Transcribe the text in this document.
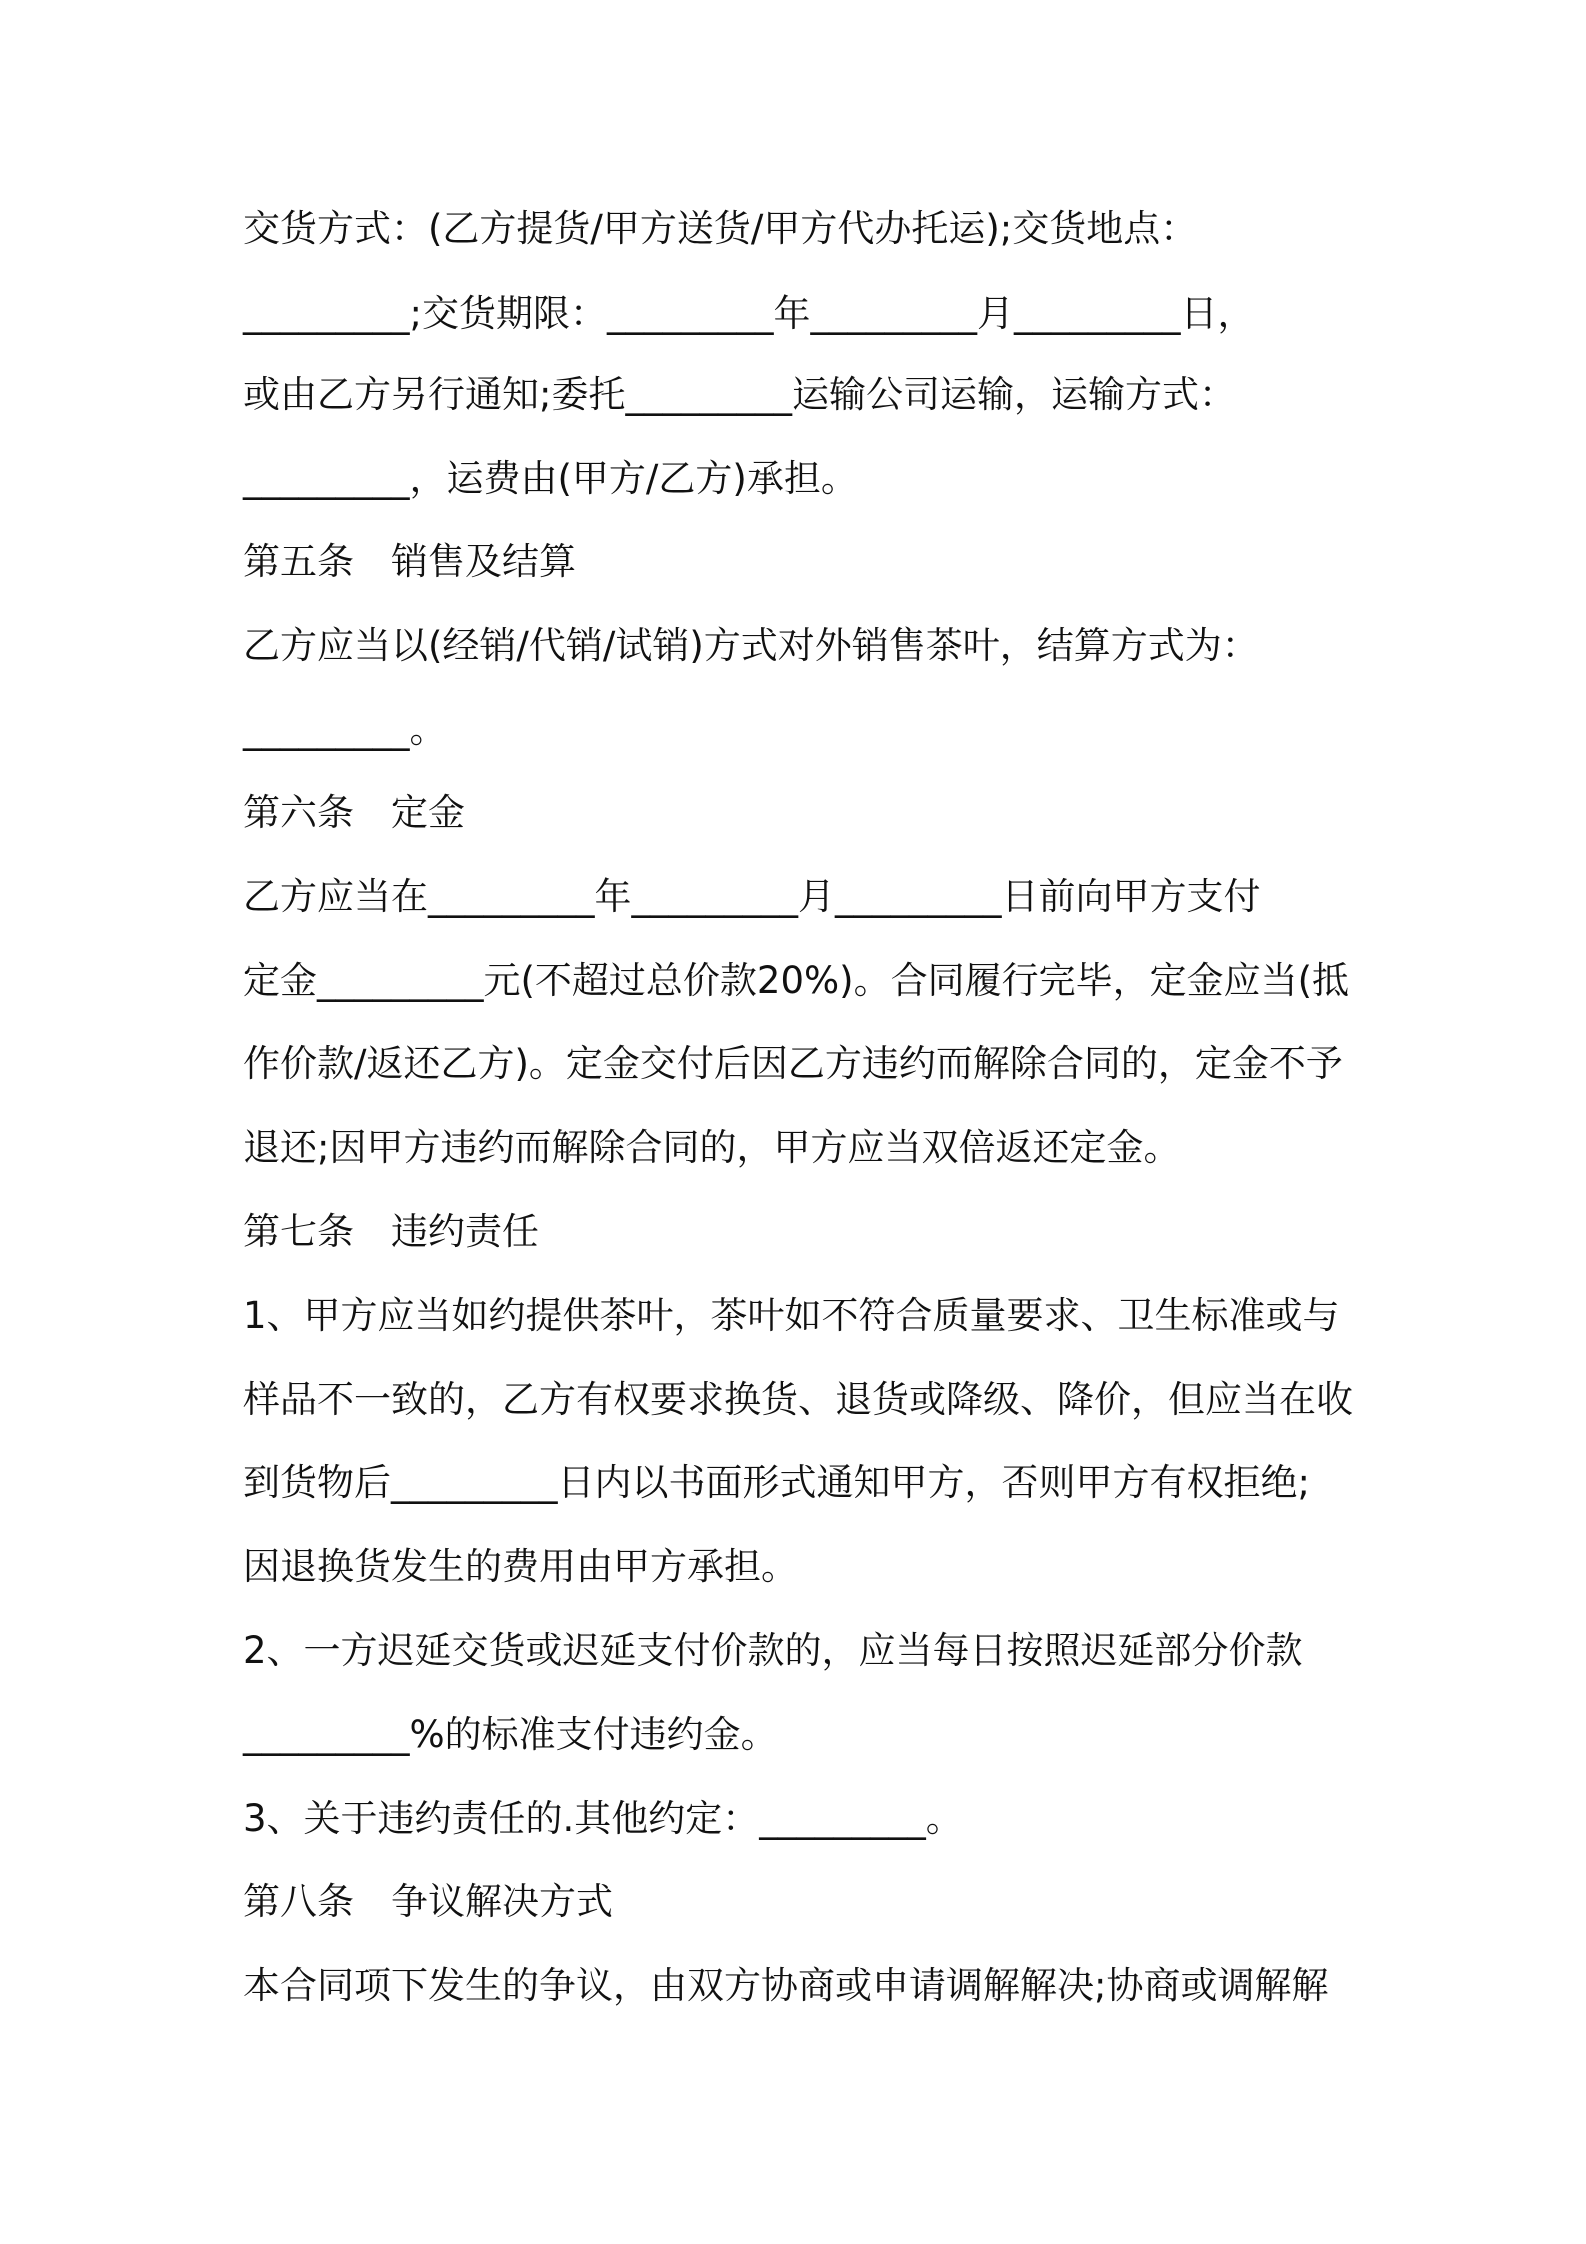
交货方式：(乙方提货/甲方送货/甲方代办托运);交货地点：
_________;交货期限：_________年_________月_________日，
或由乙方另行通知;委托_________运输公司运输，运输方式：
_________，运费由(甲方/乙方)承担。
第五条　销售及结算
乙方应当以(经销/代销/试销)方式对外销售茶叶，结算方式为：
_________。
第六条　定金
乙方应当在_________年_________月_________日前向甲方支付
定金_________元(不超过总价款20%)。合同履行完毕，定金应当(抵
作价款/返还乙方)。定金交付后因乙方违约而解除合同的，定金不予
退还;因甲方违约而解除合同的，甲方应当双倍返还定金。
第七条　违约责任
1、甲方应当如约提供茶叶，茶叶如不符合质量要求、卫生标准或与
样品不一致的，乙方有权要求换货、退货或降级、降价，但应当在收
到货物后_________日内以书面形式通知甲方，否则甲方有权拒绝;
因退换货发生的费用由甲方承担。
2、一方迟延交货或迟延支付价款的，应当每日按照迟延部分价款
_________%的标准支付违约金。
3、关于违约责任的.其他约定：_________。
第八条　争议解决方式
本合同项下发生的争议，由双方协商或申请调解解决;协商或调解解
